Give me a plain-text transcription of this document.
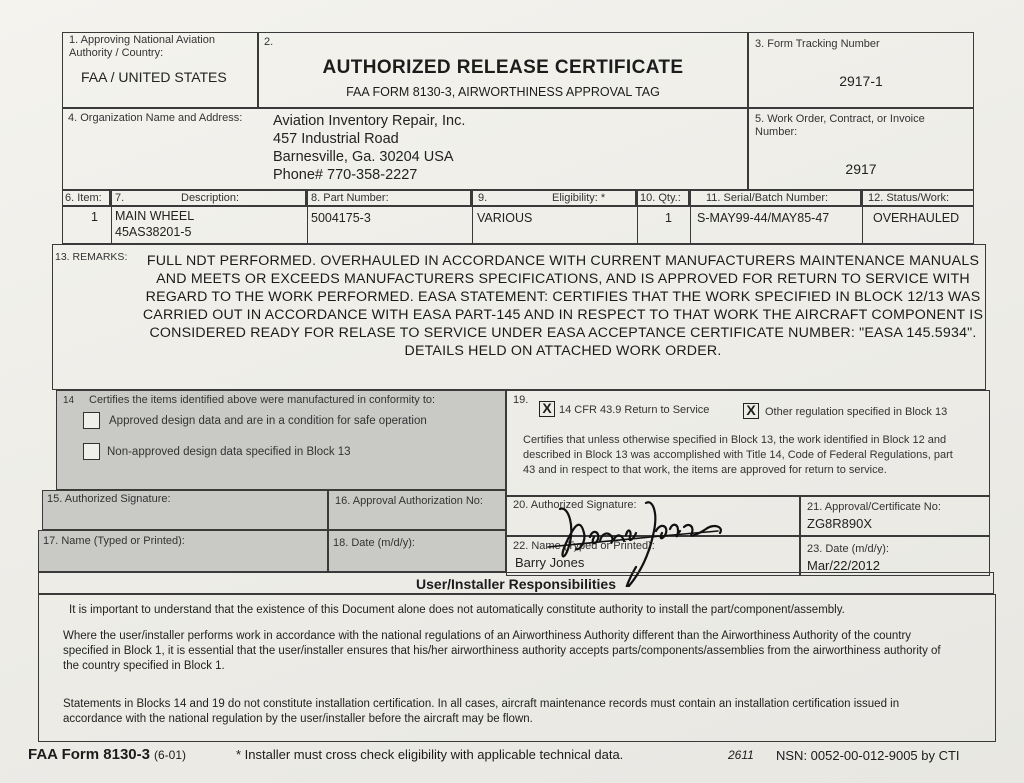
1. Approving National Aviation
Authority / Country:
FAA / UNITED STATES
2.
AUTHORIZED RELEASE CERTIFICATE
FAA FORM 8130-3, AIRWORTHINESS APPROVAL TAG
3. Form Tracking Number
2917-1
4. Organization Name and Address: Aviation Inventory Repair, Inc.
457 Industrial Road
Barnesville, Ga. 30204 USA
Phone# 770-358-2227
5. Work Order, Contract, or Invoice
Number:
2917
6. Item: 7.	Description:	8. Part Number:	9.	Eligibility: *	10. Qty.: 11. Serial/Batch Number:	12. Status/Work:
1 MAIN WHEEL
45AS38201-5
5004175-3	VARIOUS	1 S-MAY99-44/MAY85-47	OVERHAULED
13. REMARKS:	FULL NDT PERFORMED. OVERHAULED IN ACCORDANCE WITH CURRENT MANUFACTURERS MAINTENANCE MANUALS AND MEETS OR EXCEEDS MANUFACTURERS SPECIFICATIONS, AND IS APPROVED FOR RETURN TO SERVICE WITH REGARD TO THE WORK PERFORMED. EASA STATEMENT: CERTIFIES THAT THE WORK SPECIFIED IN BLOCK 12/13 WAS CARRIED OUT IN ACCORDANCE WITH EASA PART-145 AND IN RESPECT TO THAT WORK THE AIRCRAFT COMPONENT IS CONSIDERED READY FOR RELASE TO SERVICE UNDER EASA ACCEPTANCE CERTIFICATE NUMBER: "EASA 145.5934". DETAILS HELD ON ATTACHED WORK ORDER.
14 Certifies the items identified above were manufactured in conformity to:
Approved design data and are in a condition for safe operation
Non-approved design data specified in Block 13
15. Authorized Signature:	16. Approval Authorization No:
17. Name (Typed or Printed):	18. Date (m/d/y):
19. X 14 CFR 43.9 Return to Service	X Other regulation specified in Block 13
Certifies that unless otherwise specified in Block 13, the work identified in Block 12 and described in Block 13 was accomplished with Title 14, Code of Federal Regulations, part 43 and in respect to that work, the items are approved for return to service.
20. Authorized Signature:	21. Approval/Certificate No:
ZG8R890X
22. Name (Typed or Printed):
Barry Jones
23. Date (m/d/y):
Mar/22/2012
User/Installer Responsibilities
It is important to understand that the existence of this Document alone does not automatically constitute authority to install the part/component/assembly.
Where the user/installer performs work in accordance with the national regulations of an Airworthiness Authority different than the Airworthiness Authority of the country specified in Block 1, it is essential that the user/installer ensures that his/her airworthiness authority accepts parts/components/assemblies from the airworthiness authority of the country specified in Block 1.
Statements in Blocks 14 and 19 do not constitute installation certification. In all cases, aircraft maintenance records must contain an installation certification issued in accordance with the national regulation by the user/installer before the aircraft may be flown.
FAA Form 8130-3 (6-01)	* Installer must cross check eligibility with applicable technical data.	2611 NSN: 0052-00-012-9005 by CTI
